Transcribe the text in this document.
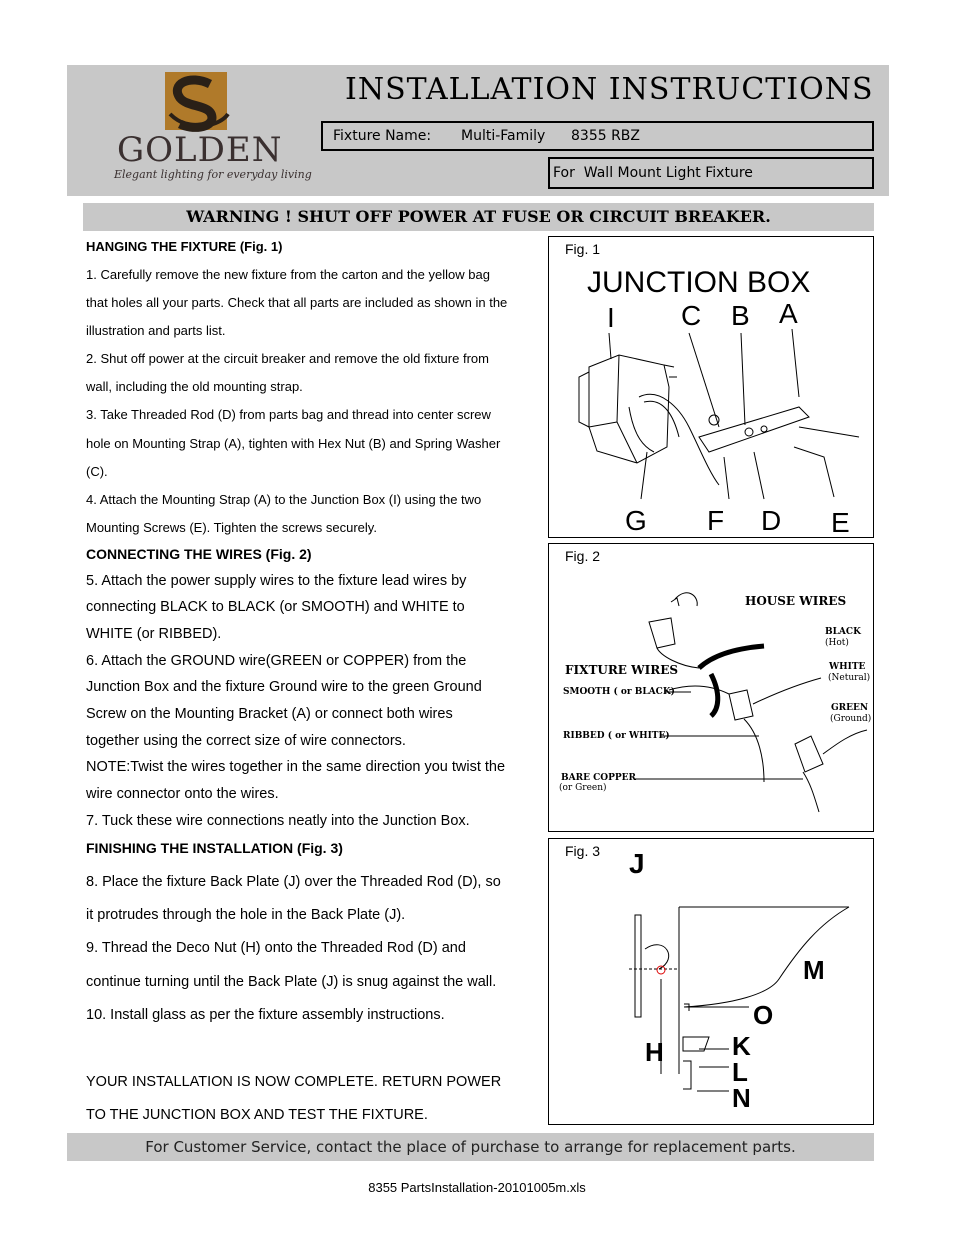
GOLDEN
Elegant lighting for everyday living
INSTALLATION INSTRUCTIONS
Fixture Name: Multi-Family 8355 RBZ
For  Wall Mount Light Fixture
WARNING ! SHUT OFF POWER AT FUSE OR CIRCUIT BREAKER.
HANGING THE FIXTURE (Fig. 1)
1. Carefully remove the new fixture from the carton and the yellow bag
that holes all your parts. Check that all parts are included as shown in the
illustration and parts list.
2. Shut off power at the circuit breaker and remove the old fixture from
wall, including the old mounting strap.
3. Take Threaded Rod (D) from parts bag and thread into center screw
hole on Mounting Strap (A), tighten with Hex Nut (B) and Spring Washer
(C).
4. Attach the Mounting Strap (A) to the Junction Box (I) using the two
Mounting Screws (E). Tighten the screws securely.
CONNECTING THE WIRES (Fig. 2)
5. Attach the power supply wires to the fixture lead wires by
connecting BLACK to BLACK (or SMOOTH) and WHITE to
WHITE (or RIBBED).
6. Attach the GROUND wire(GREEN or COPPER) from the
Junction Box and the fixture Ground wire to the green Ground
Screw on the Mounting Bracket (A) or connect both wires
together using the correct size of wire connectors.
NOTE:Twist the wires together in the same direction you twist the
wire connector onto the wires.
7. Tuck these wire connections neatly into the Junction Box.
FINISHING THE INSTALLATION (Fig. 3)
8. Place the fixture Back Plate (J) over the Threaded Rod (D), so
it protrudes through the hole in the Back Plate (J).
9. Thread the Deco Nut (H) onto the Threaded Rod (D) and
continue turning until the Back Plate (J) is snug against the wall.
10. Install glass as per the fixture assembly instructions.
YOUR INSTALLATION IS NOW COMPLETE. RETURN POWER
TO THE JUNCTION BOX AND TEST THE FIXTURE.
Fig. 1
JUNCTION BOX
I C B A
G F D E
Fig. 2
HOUSE WIRES
FIXTURE WIRES
BLACK
(Hot)
WHITE
(Netural)
GREEN
(Ground)
SMOOTH ( or BLACK)
RIBBED ( or WHITE)
BARE COPPER
(or Green)
Fig. 3 J
M
O
H	K
L
N
For Customer Service, contact the place of purchase to arrange for replacement parts.
8355 PartsInstallation-20101005m.xls
